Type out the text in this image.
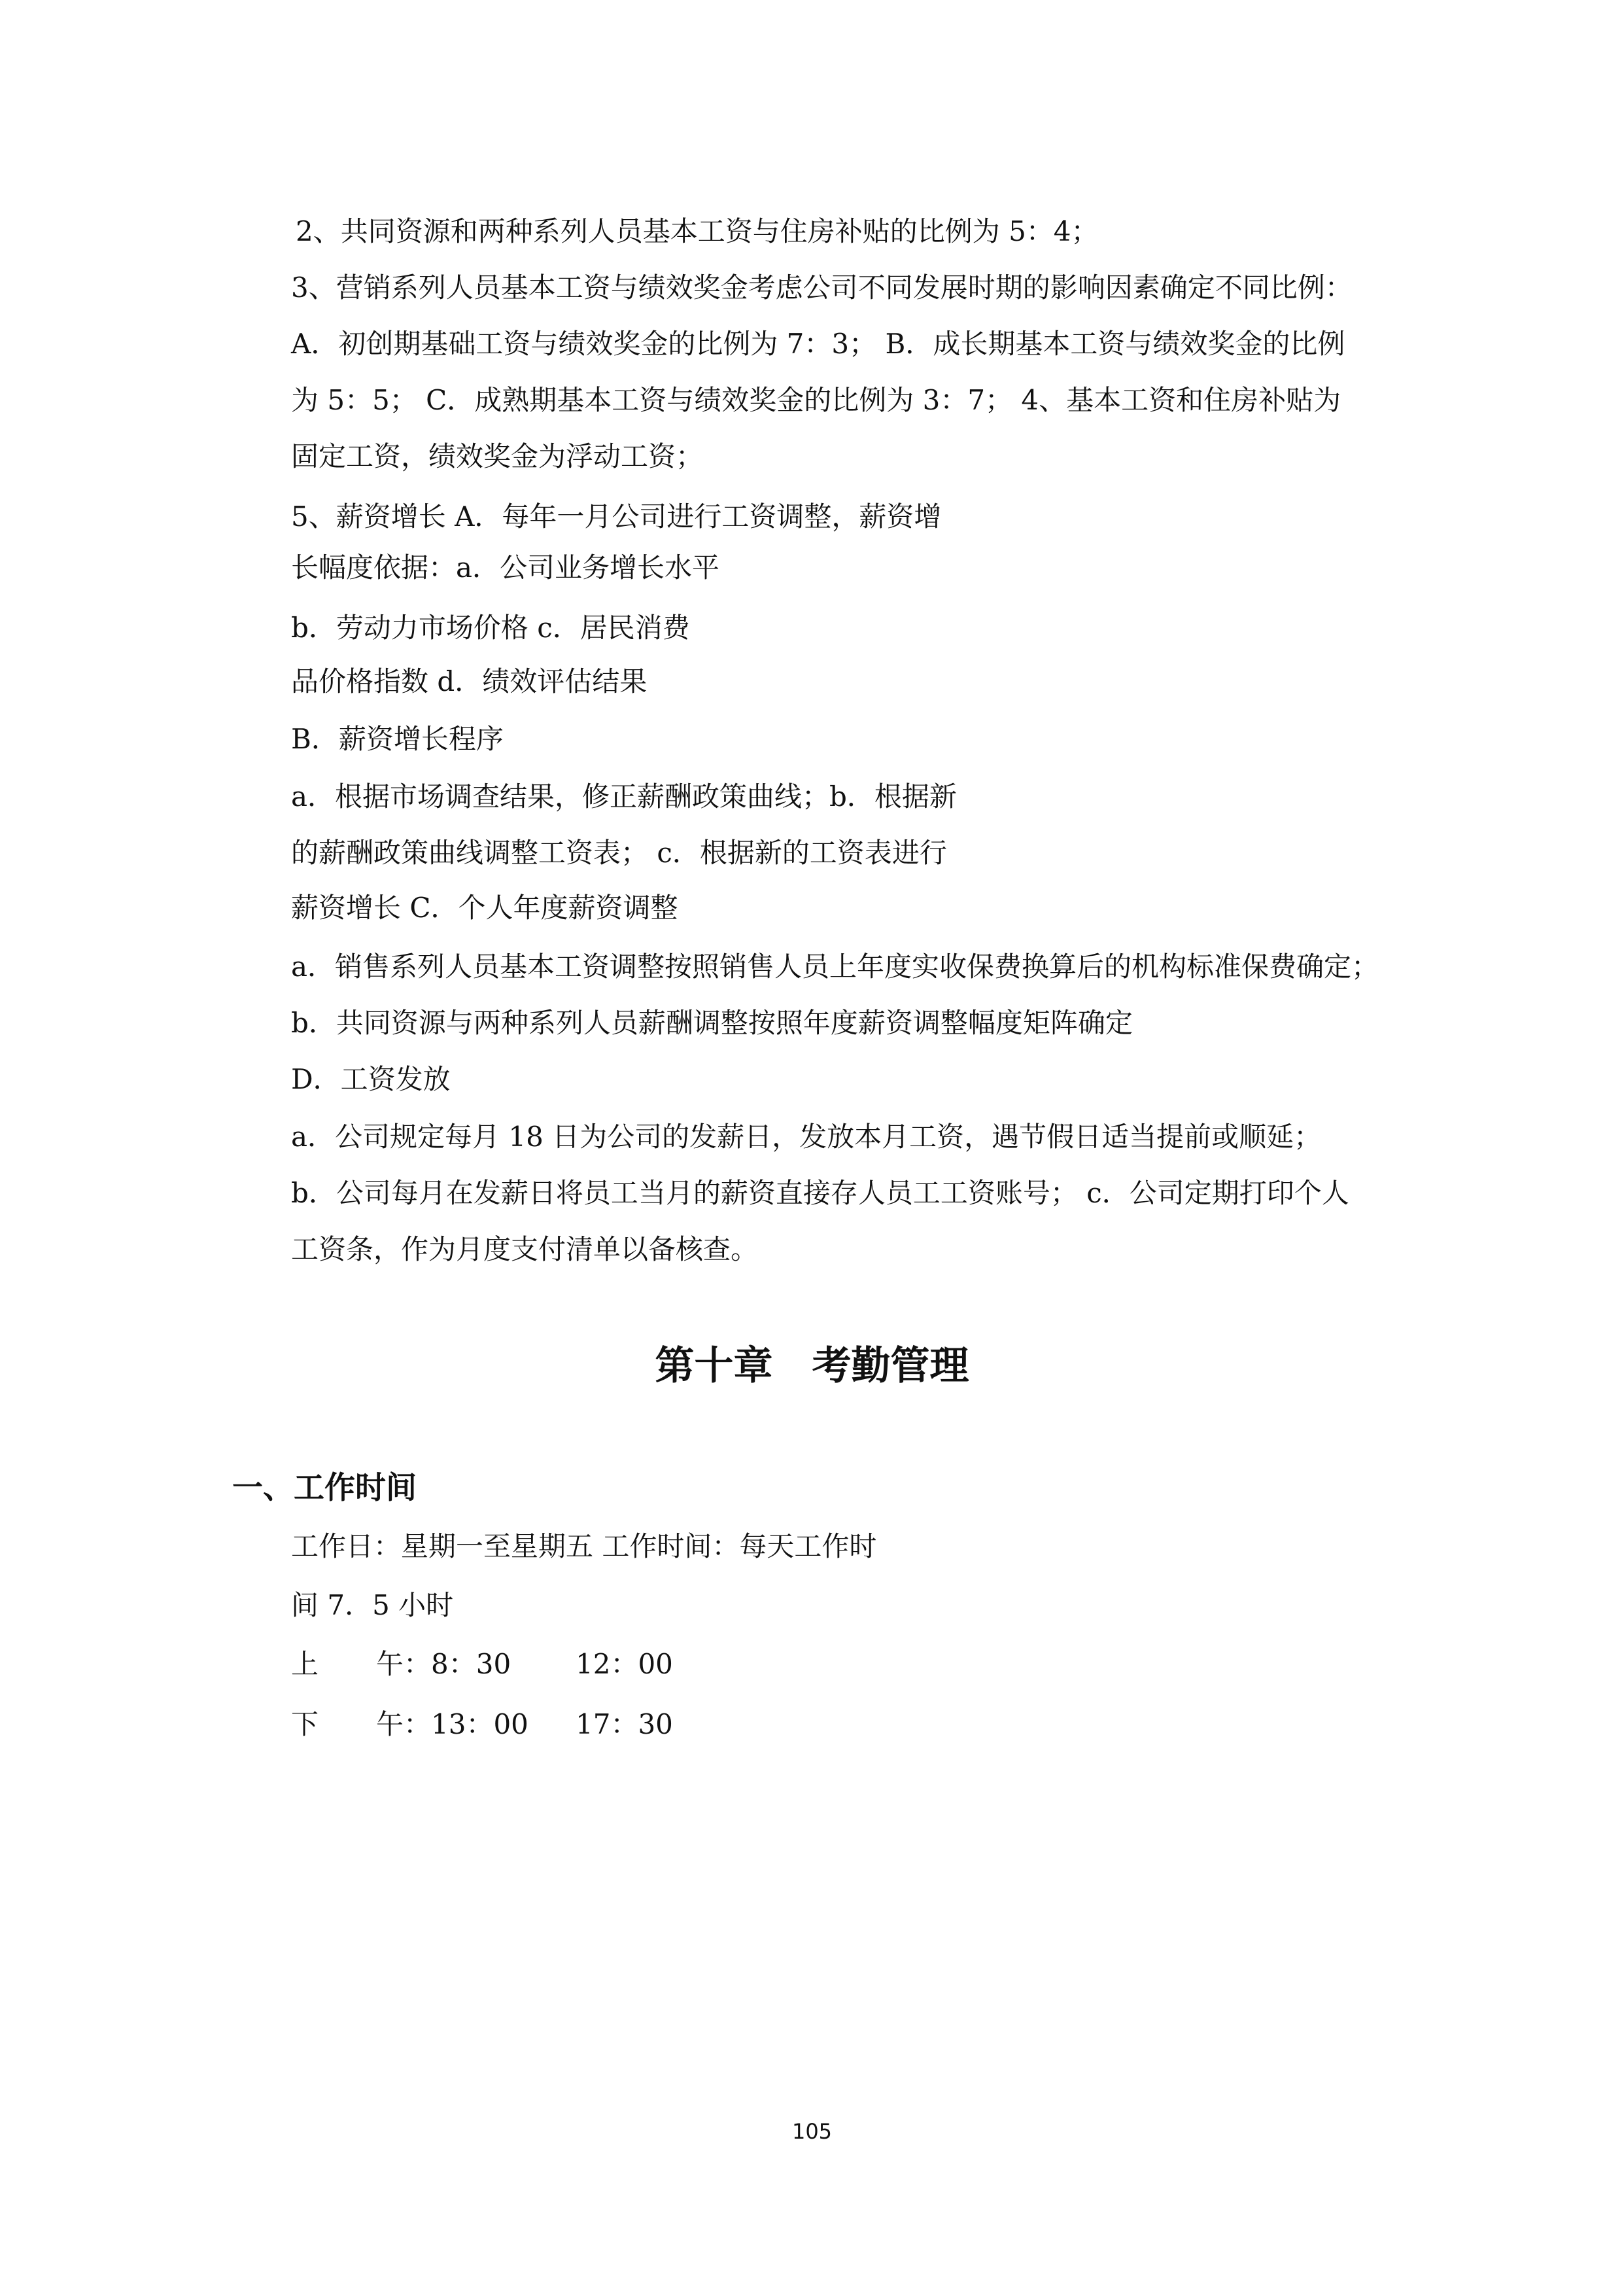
2、共同资源和两种系列人员基本工资与住房补贴的比例为 5：4；
3、营销系列人员基本工资与绩效奖金考虑公司不同发展时期的影响因素确定不同比例：
A．初创期基础工资与绩效奖金的比例为 7：3； B．成长期基本工资与绩效奖金的比例
为 5：5； C．成熟期基本工资与绩效奖金的比例为 3：7； 4、基本工资和住房补贴为
固定工资，绩效奖金为浮动工资；
5、薪资增长 A．每年一月公司进行工资调整，薪资增
长幅度依据：a．公司业务增长水平
b．劳动力市场价格 c．居民消费
品价格指数 d．绩效评估结果
B．薪资增长程序
a．根据市场调查结果，修正薪酬政策曲线；b．根据新
的薪酬政策曲线调整工资表； c．根据新的工资表进行
薪资增长 C．个人年度薪资调整
a．销售系列人员基本工资调整按照销售人员上年度实收保费换算后的机构标准保费确定；
b．共同资源与两种系列人员薪酬调整按照年度薪资调整幅度矩阵确定
D．工资发放
a．公司规定每月 18 日为公司的发薪日，发放本月工资，遇节假日适当提前或顺延；
b．公司每月在发薪日将员工当月的薪资直接存人员工工资账号； c．公司定期打印个人
工资条，作为月度支付清单以备核查。
第十章　考勤管理
一、工作时间
工作日：星期一至星期五 工作时间：每天工作时
间 7．5 小时
上 午：8：30 12：00
下 午：13：00 17：30
105
